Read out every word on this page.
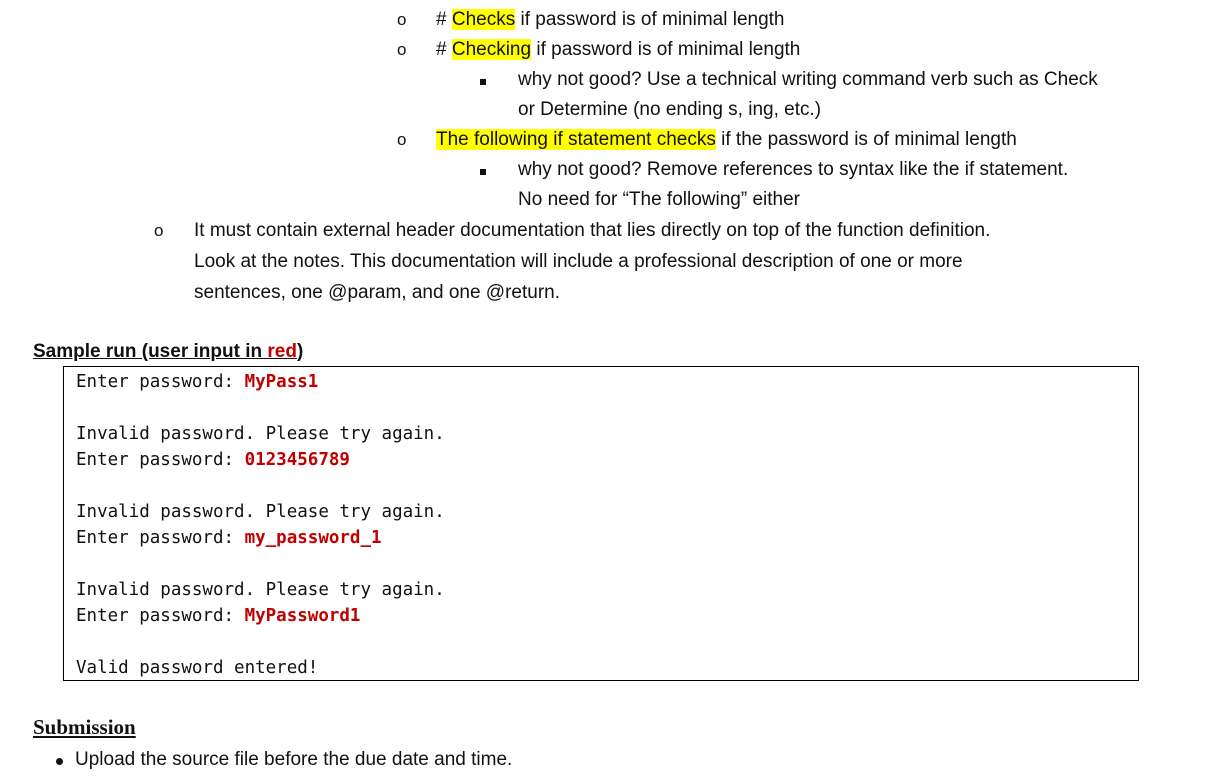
o # Checks if password is of minimal length
o # Checking if password is of minimal length
why not good? Use a technical writing command verb such as Check
or Determine (no ending s, ing, etc.)
o The following if statement checks if the password is of minimal length
why not good? Remove references to syntax like the if statement.
No need for “The following” either
o It must contain external header documentation that lies directly on top of the function definition.
Look at the notes. This documentation will include a professional description of one or more
sentences, one @param, and one @return.
Sample run (user input in red)
Enter password: MyPass1
Invalid password. Please try again.
Enter password: 0123456789
Invalid password. Please try again.
Enter password: my_password_1
Invalid password. Please try again.
Enter password: MyPassword1
Valid password entered!
Submission
Upload the source file before the due date and time.
